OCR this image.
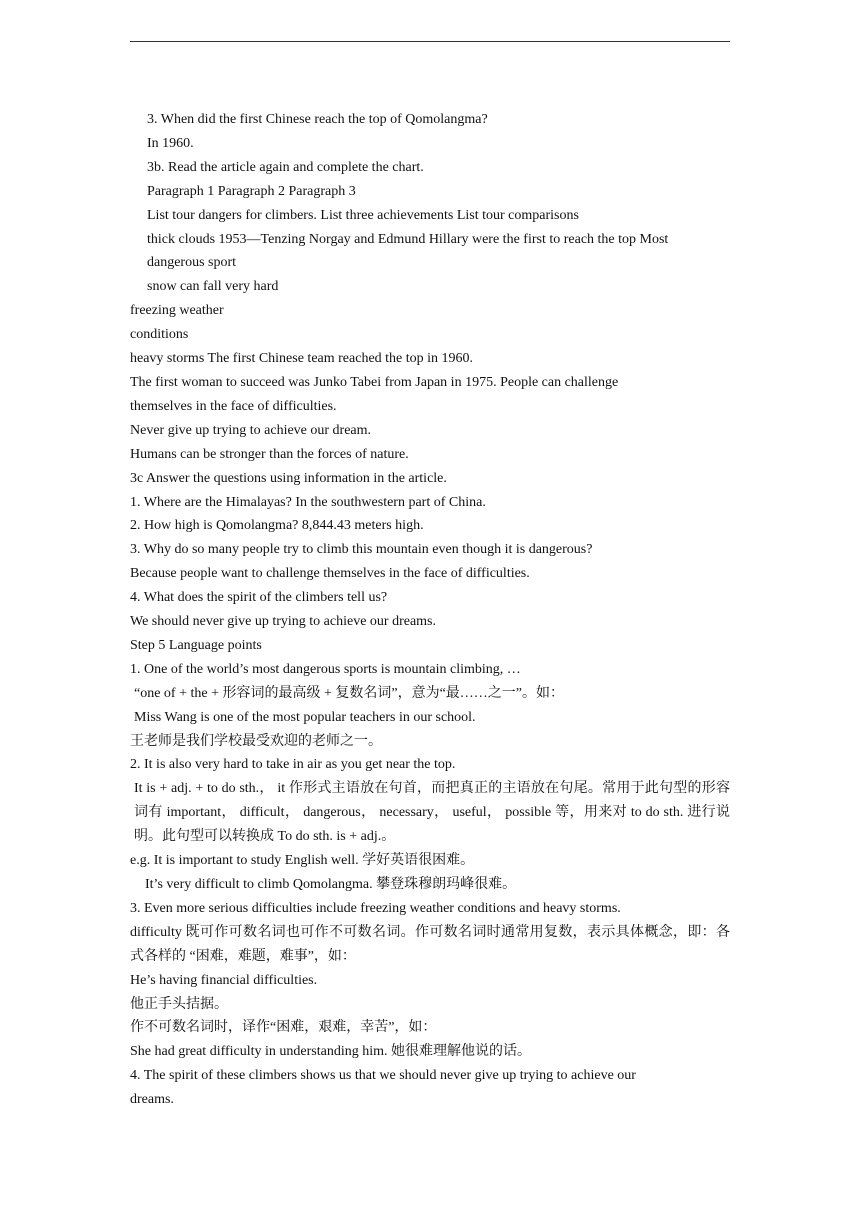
3. When did the first Chinese reach the top of Qomolangma?
In 1960.
3b. Read the article again and complete the chart.
Paragraph 1 Paragraph 2 Paragraph 3
List tour dangers for climbers. List three achievements List tour comparisons
thick clouds 1953—Tenzing Norgay and Edmund Hillary were the first to reach the top Most
dangerous sport
snow can fall very hard
freezing weather
conditions
heavy storms The first Chinese team reached the top in 1960.
The first woman to succeed was Junko Tabei from Japan in 1975. People can challenge
themselves in the face of difficulties.
Never give up trying to achieve our dream.
Humans can be stronger than the forces of nature.
3c Answer the questions using information in the article.
1. Where are the Himalayas? In the southwestern part of China.
2. How high is Qomolangma? 8,844.43 meters high.
3. Why do so many people try to climb this mountain even though it is dangerous?
Because people want to challenge themselves in the face of difficulties.
4. What does the spirit of the climbers tell us?
We should never give up trying to achieve our dreams.
Step 5 Language points
1. One of the world’s most dangerous sports is mountain climbing, …
“one of + the + 形容词的最高级 + 复数名词”，意为“最……之一”。如：
Miss Wang is one of the most popular teachers in our school.
王老师是我们学校最受欢迎的老师之一。
2. It is also very hard to take in air as you get near the top.
It is + adj. + to do sth.， it 作形式主语放在句首，而把真正的主语放在句尾。常用于此句型的形容词有 important， difficult， dangerous， necessary， useful， possible 等，用来对 to do sth. 进行说明。此句型可以转换成 To do sth. is + adj.。
e.g. It is important to study English well. 学好英语很困难。
It’s very difficult to climb Qomolangma. 攀登珠穆朗玛峰很难。
3. Even more serious difficulties include freezing weather conditions and heavy storms.
difficulty 既可作可数名词也可作不可数名词。作可数名词时通常用复数，表示具体概念，即：各式各样的 “困难，难题，难事”，如：
He’s having financial difficulties.
他正手头拮据。
作不可数名词时，译作“困难，艰难，幸苦”，如：
She had great difficulty in understanding him. 她很难理解他说的话。
4. The spirit of these climbers shows us that we should never give up trying to achieve our
dreams.
